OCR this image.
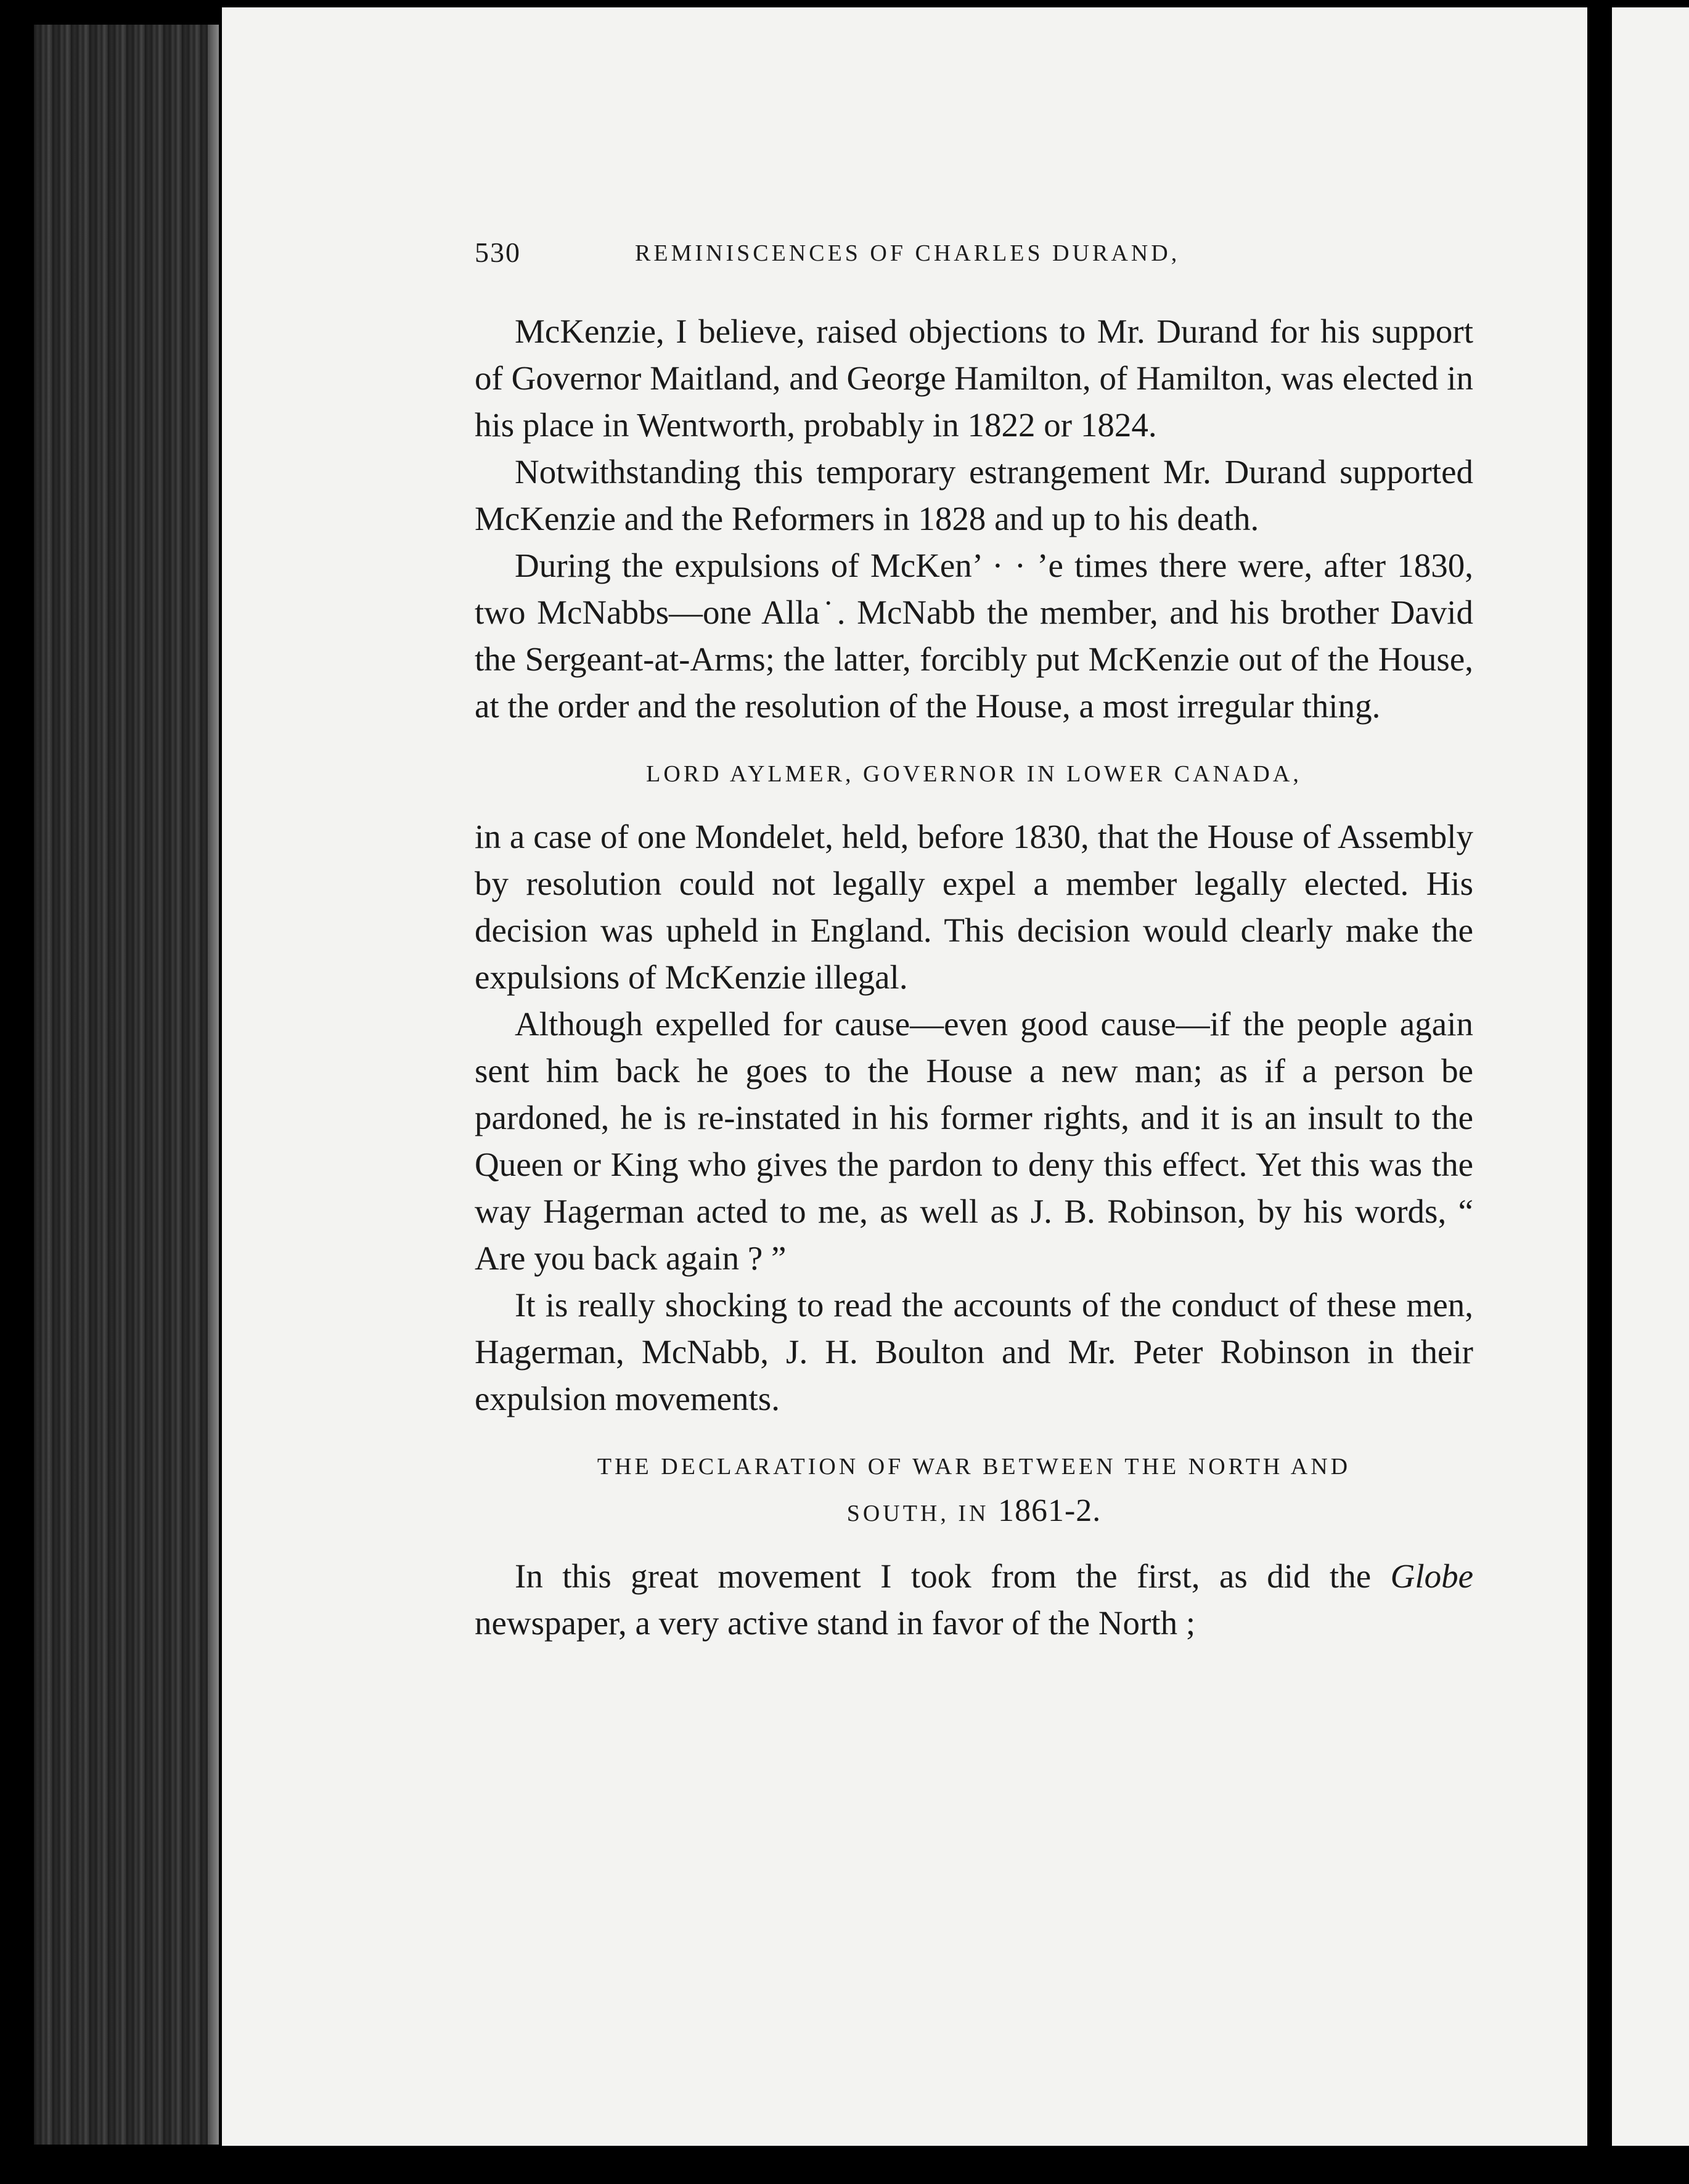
530	REMINISCENCES OF CHARLES DURAND,

McKenzie, I believe, raised objections to Mr. Durand for his support of Governor Maitland, and George Hamilton, of Hamilton, was elected in his place in Wentworth, probably in 1822 or 1824.

Notwithstanding this temporary estrangement Mr. Durand supported McKenzie and the Reformers in 1828 and up to his death.

During the expulsions of McKen’ · · ’e times there were, after 1830, two McNabbs—one Alla˙. McNabb the member, and his brother David the Sergeant-at-Arms; the latter, forcibly put McKenzie out of the House, at the order and the resolution of the House, a most irregular thing.

LORD AYLMER, GOVERNOR IN LOWER CANADA,

in a case of one Mondelet, held, before 1830, that the House of Assembly by resolution could not legally expel a member legally elected. His decision was upheld in England. This decision would clearly make the expulsions of McKenzie illegal.

Although expelled for cause—even good cause—if the people again sent him back he goes to the House a new man; as if a person be pardoned, he is re-instated in his former rights, and it is an insult to the Queen or King who gives the pardon to deny this effect. Yet this was the way Hagerman acted to me, as well as J. B. Robinson, by his words, “ Are you back again ? ”

It is really shocking to read the accounts of the conduct of these men, Hagerman, McNabb, J. H. Boulton and Mr. Peter Robinson in their expulsion movements.

THE DECLARATION OF WAR BETWEEN THE NORTH AND
SOUTH, IN 1861-2.

In this great movement I took from the first, as did the Globe newspaper, a very active stand in favor of the North ;
